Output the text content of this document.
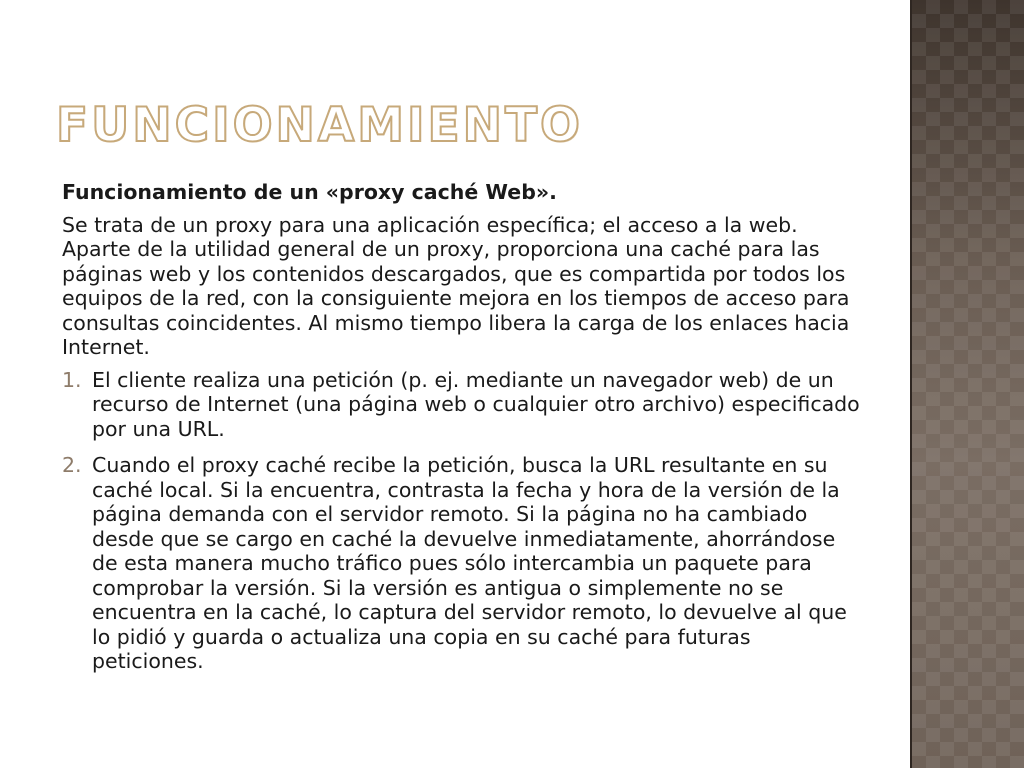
FUNCIONAMIENTO

Funcionamiento de un «proxy caché Web».

Se trata de un proxy para una aplicación específica; el acceso a la web. Aparte de la utilidad general de un proxy, proporciona una caché para las páginas web y los contenidos descargados, que es compartida por todos los equipos de la red, con la consiguiente mejora en los tiempos de acceso para consultas coincidentes. Al mismo tiempo libera la carga de los enlaces hacia Internet.

1. El cliente realiza una petición (p. ej. mediante un navegador web) de un recurso de Internet (una página web o cualquier otro archivo) especificado por una URL.
2. Cuando el proxy caché recibe la petición, busca la URL resultante en su caché local. Si la encuentra, contrasta la fecha y hora de la versión de la página demanda con el servidor remoto. Si la página no ha cambiado desde que se cargo en caché la devuelve inmediatamente, ahorrándose de esta manera mucho tráfico pues sólo intercambia un paquete para comprobar la versión. Si la versión es antigua o simplemente no se encuentra en la caché, lo captura del servidor remoto, lo devuelve al que lo pidió y guarda o actualiza una copia en su caché para futuras peticiones.
